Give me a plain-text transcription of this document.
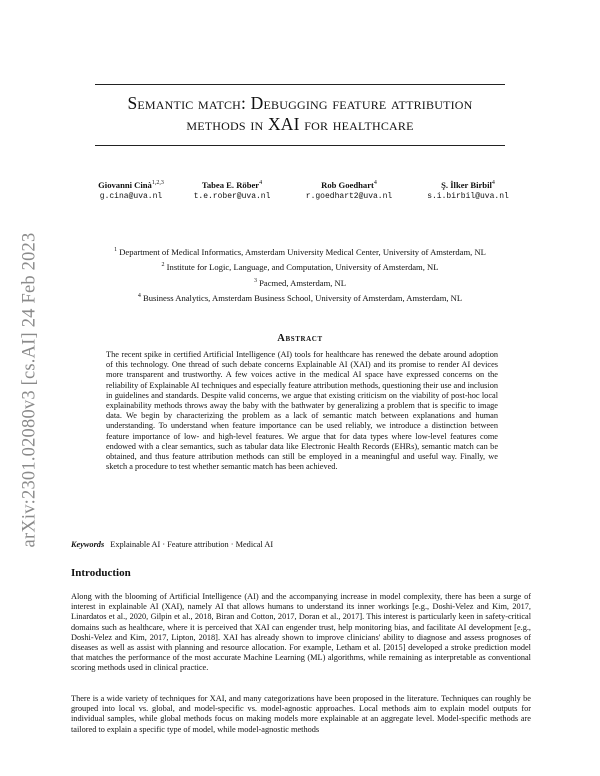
arXiv:2301.02080v3 [cs.AI] 24 Feb 2023
Semantic match: Debugging feature attribution
methods in XAI for healthcare
Giovanni Cinà$^{1,2,3}$
g.cina@uva.nl
Tabea E. Röber$^4$
t.e.rober@uva.nl
Rob Goedhart$^4$
r.goedhart2@uva.nl
Ş. İlker Birbil$^4$
s.i.birbil@uva.nl
$^1$ Department of Medical Informatics, Amsterdam University Medical Center, University of Amsterdam, NL
$^2$ Institute for Logic, Language, and Computation, University of Amsterdam, NL
$^3$ Pacmed, Amsterdam, NL
$^4$ Business Analytics, Amsterdam Business School, University of Amsterdam, Amsterdam, NL
Abstract
The recent spike in certified Artificial Intelligence (AI) tools for healthcare has renewed the debate around adoption of this technology. One thread of such debate concerns Explainable AI (XAI) and its promise to render AI devices more transparent and trustworthy. A few voices active in the medical AI space have expressed concerns on the reliability of Explainable AI techniques and especially feature attribution methods, questioning their use and inclusion in guidelines and standards. Despite valid concerns, we argue that existing criticism on the viability of post-hoc local explainability methods throws away the baby with the bathwater by generalizing a problem that is specific to image data. We begin by characterizing the problem as a lack of semantic match between explanations and human understanding. To understand when feature importance can be used reliably, we introduce a distinction between feature importance of low- and high-level features. We argue that for data types where low-level features come endowed with a clear semantics, such as tabular data like Electronic Health Records (EHRs), semantic match can be obtained, and thus feature attribution methods can still be employed in a meaningful and useful way. Finally, we sketch a procedure to test whether semantic match has been achieved.
Keywords Explainable AI · Feature attribution · Medical AI
Introduction
Along with the blooming of Artificial Intelligence (AI) and the accompanying increase in model complexity, there has been a surge of interest in explainable AI (XAI), namely AI that allows humans to understand its inner workings [e.g., Doshi-Velez and Kim, 2017, Linardatos et al., 2020, Gilpin et al., 2018, Biran and Cotton, 2017, Doran et al., 2017]. This interest is particularly keen in safety-critical domains such as healthcare, where it is perceived that XAI can engender trust, help monitoring bias, and facilitate AI development [e.g., Doshi-Velez and Kim, 2017, Lipton, 2018]. XAI has already shown to improve clinicians' ability to diagnose and assess prognoses of diseases as well as assist with planning and resource allocation. For example, Letham et al. [2015] developed a stroke prediction model that matches the performance of the most accurate Machine Learning (ML) algorithms, while remaining as interpretable as conventional scoring methods used in clinical practice.
There is a wide variety of techniques for XAI, and many categorizations have been proposed in the literature. Techniques can roughly be grouped into local vs. global, and model-specific vs. model-agnostic approaches. Local methods aim to explain model outputs for individual samples, while global methods focus on making models more explainable at an aggregate level. Model-specific methods are tailored to explain a specific type of model, while model-agnostic methods
